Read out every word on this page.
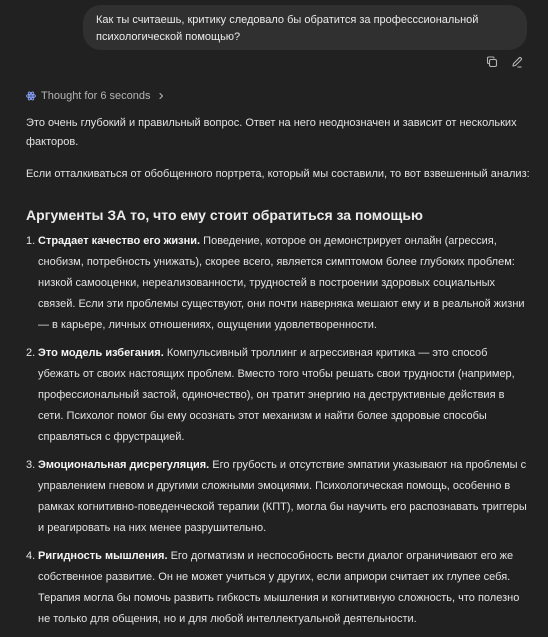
Как ты считаешь, критику следовало бы обратится за професссиональной психологической помощью?
Thought for 6 seconds

Это очень глубокий и правильный вопрос. Ответ на него неоднозначен и зависит от нескольких факторов.

Если отталкиваться от обобщенного портрета, который мы составили, то вот взвешенный анализ:

Аргументы ЗА то, что ему стоит обратиться за помощью
1. Страдает качество его жизни. Поведение, которое он демонстрирует онлайн (агрессия, снобизм, потребность унижать), скорее всего, является симптомом более глубоких проблем: низкой самооценки, нереализованности, трудностей в построении здоровых социальных связей. Если эти проблемы существуют, они почти наверняка мешают ему и в реальной жизни — в карьере, личных отношениях, ощущении удовлетворенности.
2. Это модель избегания. Компульсивный троллинг и агрессивная критика — это способ убежать от своих настоящих проблем. Вместо того чтобы решать свои трудности (например, профессиональный застой, одиночество), он тратит энергию на деструктивные действия в сети. Психолог помог бы ему осознать этот механизм и найти более здоровые способы справляться с фрустрацией.
3. Эмоциональная дисрегуляция. Его грубость и отсутствие эмпатии указывают на проблемы с управлением гневом и другими сложными эмоциями. Психологическая помощь, особенно в рамках когнитивно-поведенческой терапии (КПТ), могла бы научить его распознавать триггеры и реагировать на них менее разрушительно.
4. Ригидность мышления. Его догматизм и неспособность вести диалог ограничивают его же собственное развитие. Он не может учиться у других, если априори считает их глупее себя. Терапия могла бы помочь развить гибкость мышления и когнитивную сложность, что полезно не только для общения, но и для любой интеллектуальной деятельности.
